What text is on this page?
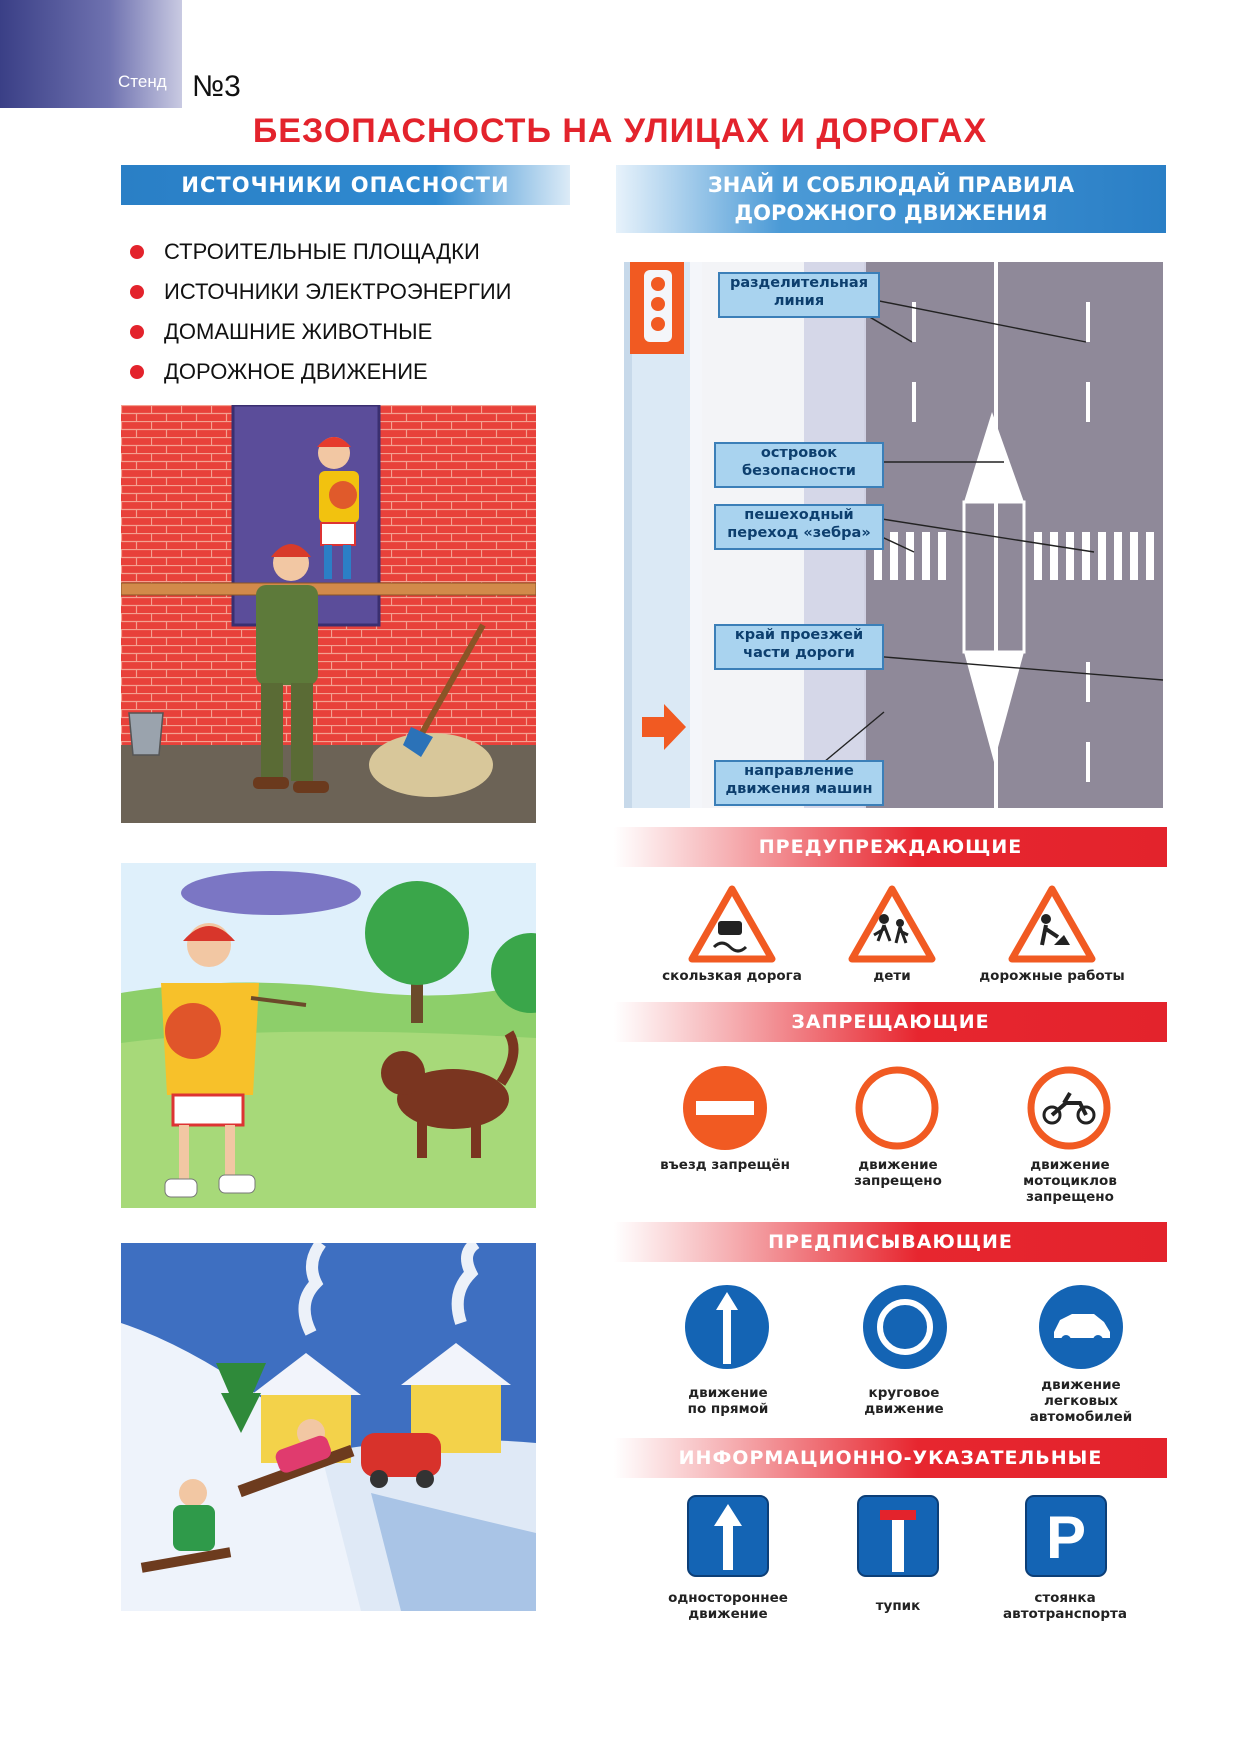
Стенд №3
БЕЗОПАСНОСТЬ НА УЛИЦАХ И ДОРОГАХ
ИСТОЧНИКИ ОПАСНОСТИ
СТРОИТЕЛЬНЫЕ ПЛОЩАДКИ
ИСТОЧНИКИ ЭЛЕКТРОЭНЕРГИИ
ДОМАШНИЕ ЖИВОТНЫЕ
ДОРОЖНОЕ ДВИЖЕНИЕ
ЗНАЙ И СОБЛЮДАЙ ПРАВИЛА
ДОРОЖНОГО ДВИЖЕНИЯ
разделительная
линия
островок
безопасности
пешеходный
переход «зебра»
край проезжей
части дороги
направление
движения машин
ПРЕДУПРЕЖДАЮЩИЕ
скользкая дорога	дети	дорожные работы
ЗАПРЕЩАЮЩИЕ
въезд запрещён	движение запрещено
движение мотоциклов запрещено
ПРЕДПИСЫВАЮЩИЕ
движение по прямой
круговое движение
движение легковых автомобилей
ИНФОРМАЦИОННО-УКАЗАТЕЛЬНЫЕ
P
одностороннее движение	тупик	стоянка автотранспорта
